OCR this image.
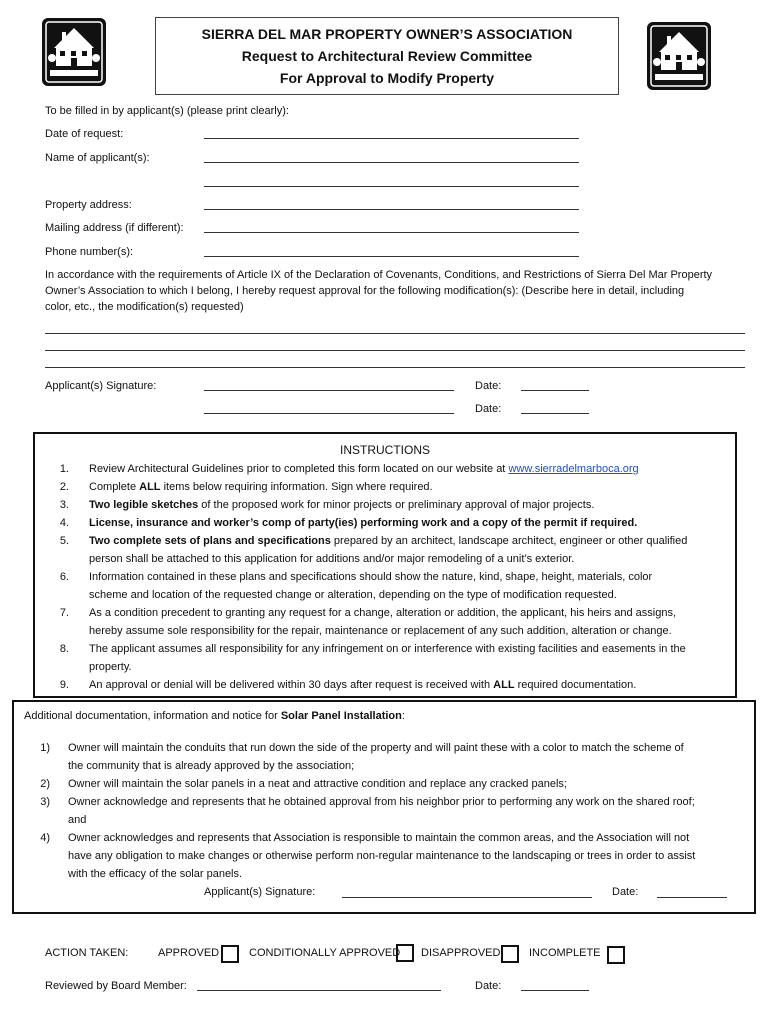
SIERRA DEL MAR PROPERTY OWNER’S ASSOCIATION
Request to Architectural Review Committee
For Approval to Modify Property
To be filled in by applicant(s) (please print clearly):
Date of request:
Name of applicant(s):
Property address:
Mailing address (if different):
Phone number(s):
In accordance with the requirements of Article IX of the Declaration of Covenants, Conditions, and Restrictions of Sierra Del Mar Property
Owner’s Association to which I belong, I hereby request approval for the following modification(s): (Describe here in detail, including
color, etc., the modification(s) requested)
Applicant(s) Signature:	Date:
Date:
INSTRUCTIONS
1. Review Architectural Guidelines prior to completed this form located on our website at www.sierradelmarboca.org
2. Complete ALL items below requiring information. Sign where required.
3. Two legible sketches of the proposed work for minor projects or preliminary approval of major projects.
4. License, insurance and worker’s comp of party(ies) performing work and a copy of the permit if required.
5. Two complete sets of plans and specifications prepared by an architect, landscape architect, engineer or other qualified
person shall be attached to this application for additions and/or major remodeling of a unit’s exterior.
6. Information contained in these plans and specifications should show the nature, kind, shape, height, materials, color
scheme and location of the requested change or alteration, depending on the type of modification requested.
7. As a condition precedent to granting any request for a change, alteration or addition, the applicant, his heirs and assigns,
hereby assume sole responsibility for the repair, maintenance or replacement of any such addition, alteration or change.
8. The applicant assumes all responsibility for any infringement on or interference with existing facilities and easements in the
property.
9. An approval or denial will be delivered within 30 days after request is received with ALL required documentation.
Additional documentation, information and notice for Solar Panel Installation:
1) Owner will maintain the conduits that run down the side of the property and will paint these with a color to match the scheme of
the community that is already approved by the association;
2) Owner will maintain the solar panels in a neat and attractive condition and replace any cracked panels;
3) Owner acknowledge and represents that he obtained approval from his neighbor prior to performing any work on the shared roof;
and
4) Owner acknowledges and represents that Association is responsible to maintain the common areas, and the Association will not
have any obligation to make changes or otherwise perform non-regular maintenance to the landscaping or trees in order to assist
with the efficacy of the solar panels.
Applicant(s) Signature:	Date:
ACTION TAKEN:	APPROVED	CONDITIONALLY APPROVED DISAPPROVED	INCOMPLETE
Reviewed by Board Member:	Date:
